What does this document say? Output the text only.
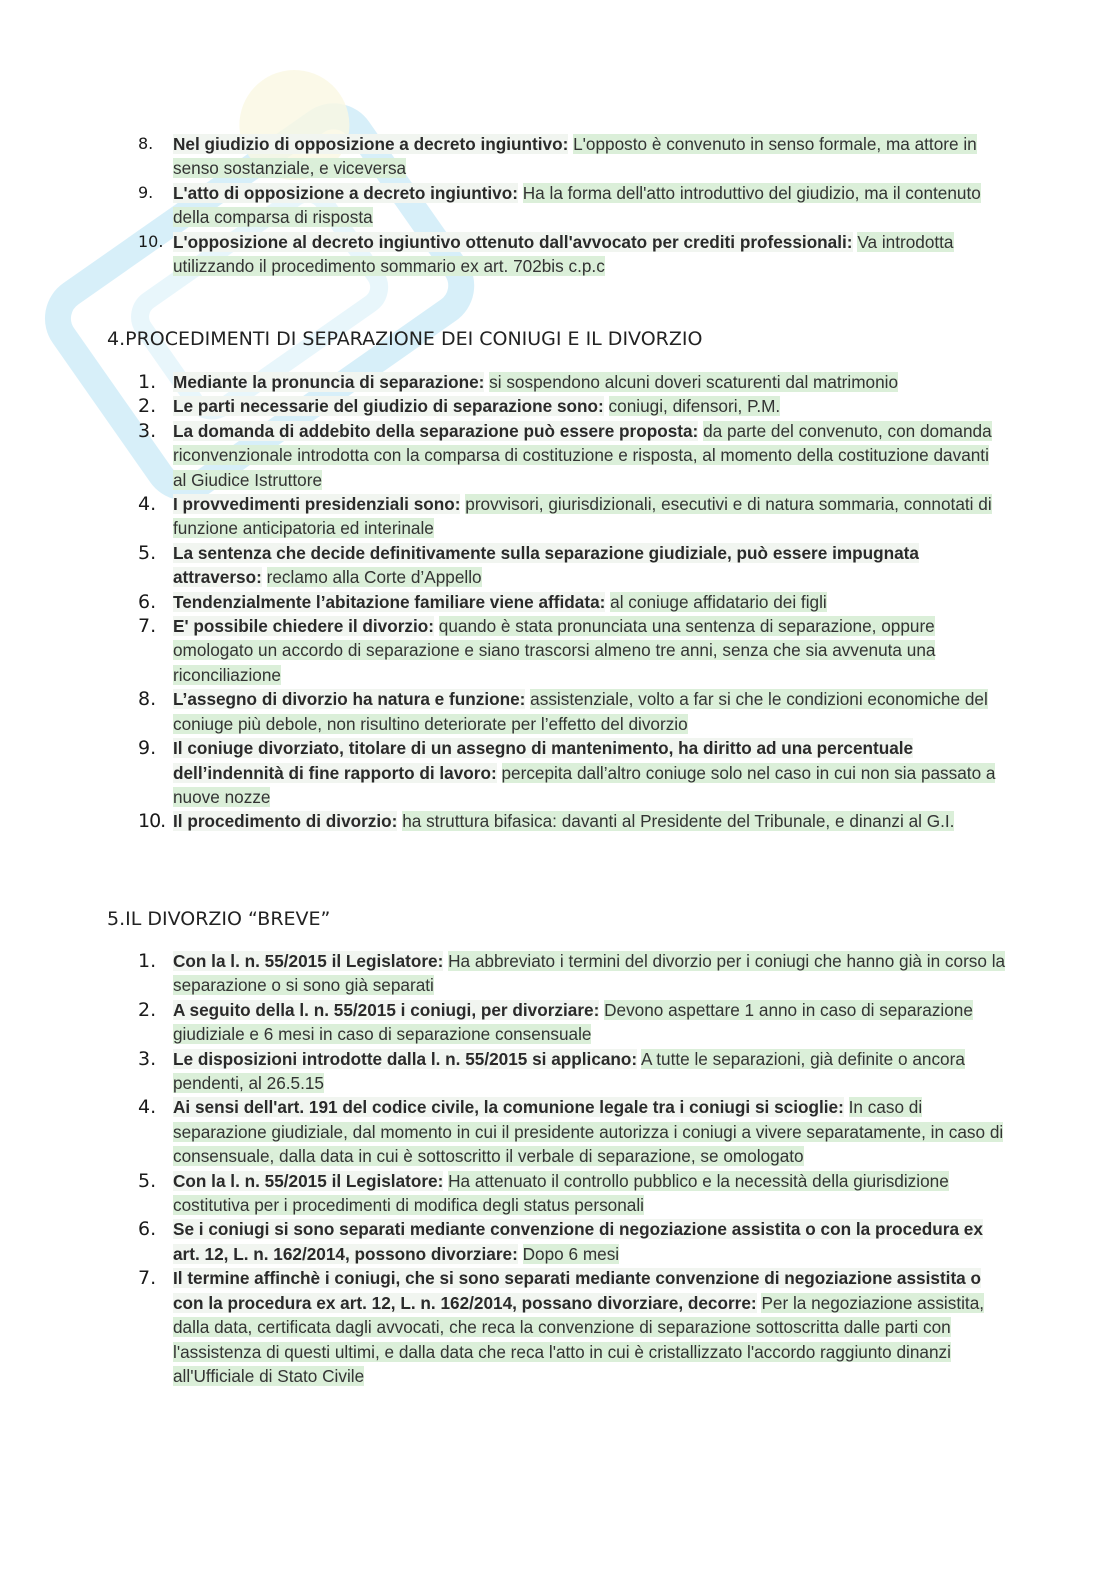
8. Nel giudizio di opposizione a decreto ingiuntivo: L'opposto è convenuto in senso formale, ma attore in senso sostanziale, e viceversa
9. L'atto di opposizione a decreto ingiuntivo: Ha la forma dell'atto introduttivo del giudizio, ma il contenuto della comparsa di risposta
10. L'opposizione al decreto ingiuntivo ottenuto dall'avvocato per crediti professionali: Va introdotta utilizzando il procedimento sommario ex art. 702bis c.p.c
4.PROCEDIMENTI DI SEPARAZIONE DEI CONIUGI E IL DIVORZIO
1. Mediante la pronuncia di separazione: si sospendono alcuni doveri scaturenti dal matrimonio
2. Le parti necessarie del giudizio di separazione sono: coniugi, difensori, P.M.
3. La domanda di addebito della separazione può essere proposta: da parte del convenuto, con domanda riconvenzionale introdotta con la comparsa di costituzione e risposta, al momento della costituzione davanti al Giudice Istruttore
4. I provvedimenti presidenziali sono: provvisori, giurisdizionali, esecutivi e di natura sommaria, connotati di funzione anticipatoria ed interinale
5. La sentenza che decide definitivamente sulla separazione giudiziale, può essere impugnata attraverso: reclamo alla Corte d’Appello
6. Tendenzialmente l’abitazione familiare viene affidata: al coniuge affidatario dei figli
7. E' possibile chiedere il divorzio: quando è stata pronunciata una sentenza di separazione, oppure omologato un accordo di separazione e siano trascorsi almeno tre anni, senza che sia avvenuta una riconciliazione
8. L’assegno di divorzio ha natura e funzione: assistenziale, volto a far si che le condizioni economiche del coniuge più debole, non risultino deteriorate per l’effetto del divorzio
9. Il coniuge divorziato, titolare di un assegno di mantenimento, ha diritto ad una percentuale dell’indennità di fine rapporto di lavoro: percepita dall’altro coniuge solo nel caso in cui non sia passato a nuove nozze
10. Il procedimento di divorzio: ha struttura bifasica: davanti al Presidente del Tribunale, e dinanzi al G.I.
5.IL DIVORZIO “BREVE”
1. Con la l. n. 55/2015 il Legislatore: Ha abbreviato i termini del divorzio per i coniugi che hanno già in corso la separazione o si sono già separati
2. A seguito della l. n. 55/2015 i coniugi, per divorziare: Devono aspettare 1 anno in caso di separazione giudiziale e 6 mesi in caso di separazione consensuale
3. Le disposizioni introdotte dalla l. n. 55/2015 si applicano: A tutte le separazioni, già definite o ancora pendenti, al 26.5.15
4. Ai sensi dell'art. 191 del codice civile, la comunione legale tra i coniugi si scioglie: In caso di separazione giudiziale, dal momento in cui il presidente autorizza i coniugi a vivere separatamente, in caso di consensuale, dalla data in cui è sottoscritto il verbale di separazione, se omologato
5. Con la l. n. 55/2015 il Legislatore: Ha attenuato il controllo pubblico e la necessità della giurisdizione costitutiva per i procedimenti di modifica degli status personali
6. Se i coniugi si sono separati mediante convenzione di negoziazione assistita o con la procedura ex art. 12, L. n. 162/2014, possono divorziare: Dopo 6 mesi
7. Il termine affinchè i coniugi, che si sono separati mediante convenzione di negoziazione assistita o con la procedura ex art. 12, L. n. 162/2014, possano divorziare, decorre: Per la negoziazione assistita, dalla data, certificata dagli avvocati, che reca la convenzione di separazione sottoscritta dalle parti con l'assistenza di questi ultimi, e dalla data che reca l'atto in cui è cristallizzato l'accordo raggiunto dinanzi all'Ufficiale di Stato Civile
